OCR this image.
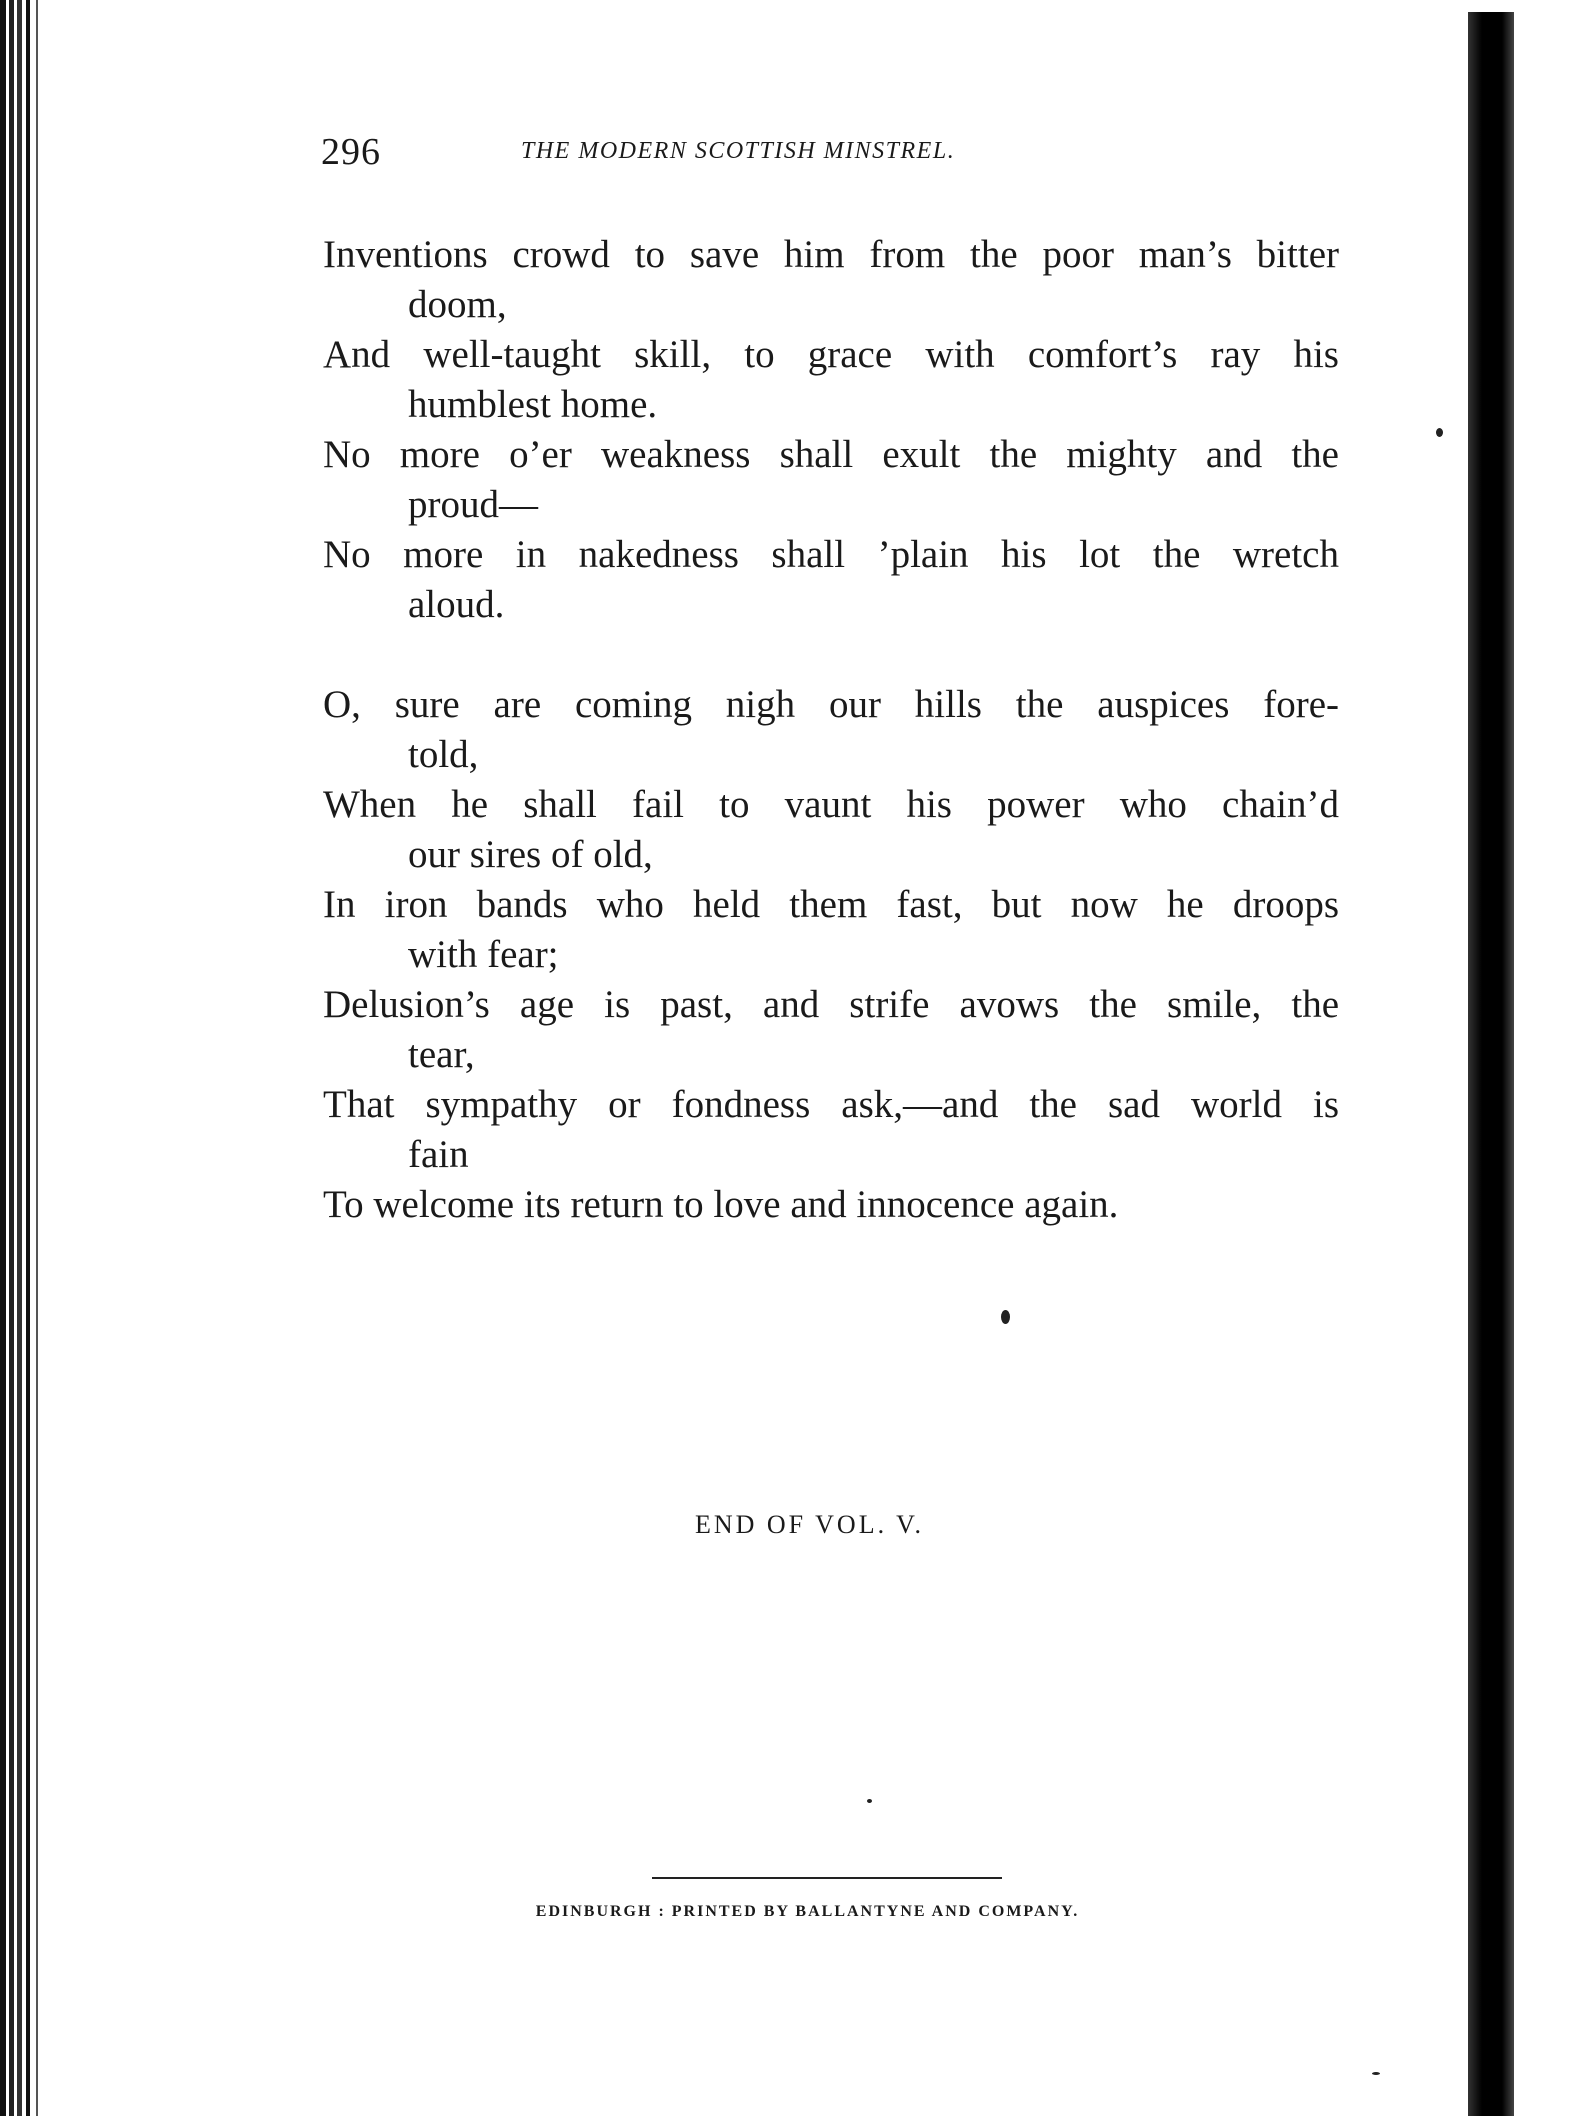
296	THE MODERN SCOTTISH MINSTREL.

Inventions crowd to save him from the poor man’s bitter
doom,

And well-taught skill, to grace with comfort’s ray his
humblest home.

No more o’er weakness shall exult the mighty and the
proud—

No more in nakedness shall ’plain his lot the wretch
aloud.

O, sure are coming nigh our hills the auspices fore-
told,

When he shall fail to vaunt his power who chain’d
our sires of old,

In iron bands who held them fast, but now he droops
with fear;

Delusion’s age is past, and strife avows the smile, the
tear,

That sympathy or fondness ask,—and the sad world is
fain

To welcome its return to love and innocence again.

END OF VOL. V.
EDINBURGH : PRINTED BY BALLANTYNE AND COMPANY.
